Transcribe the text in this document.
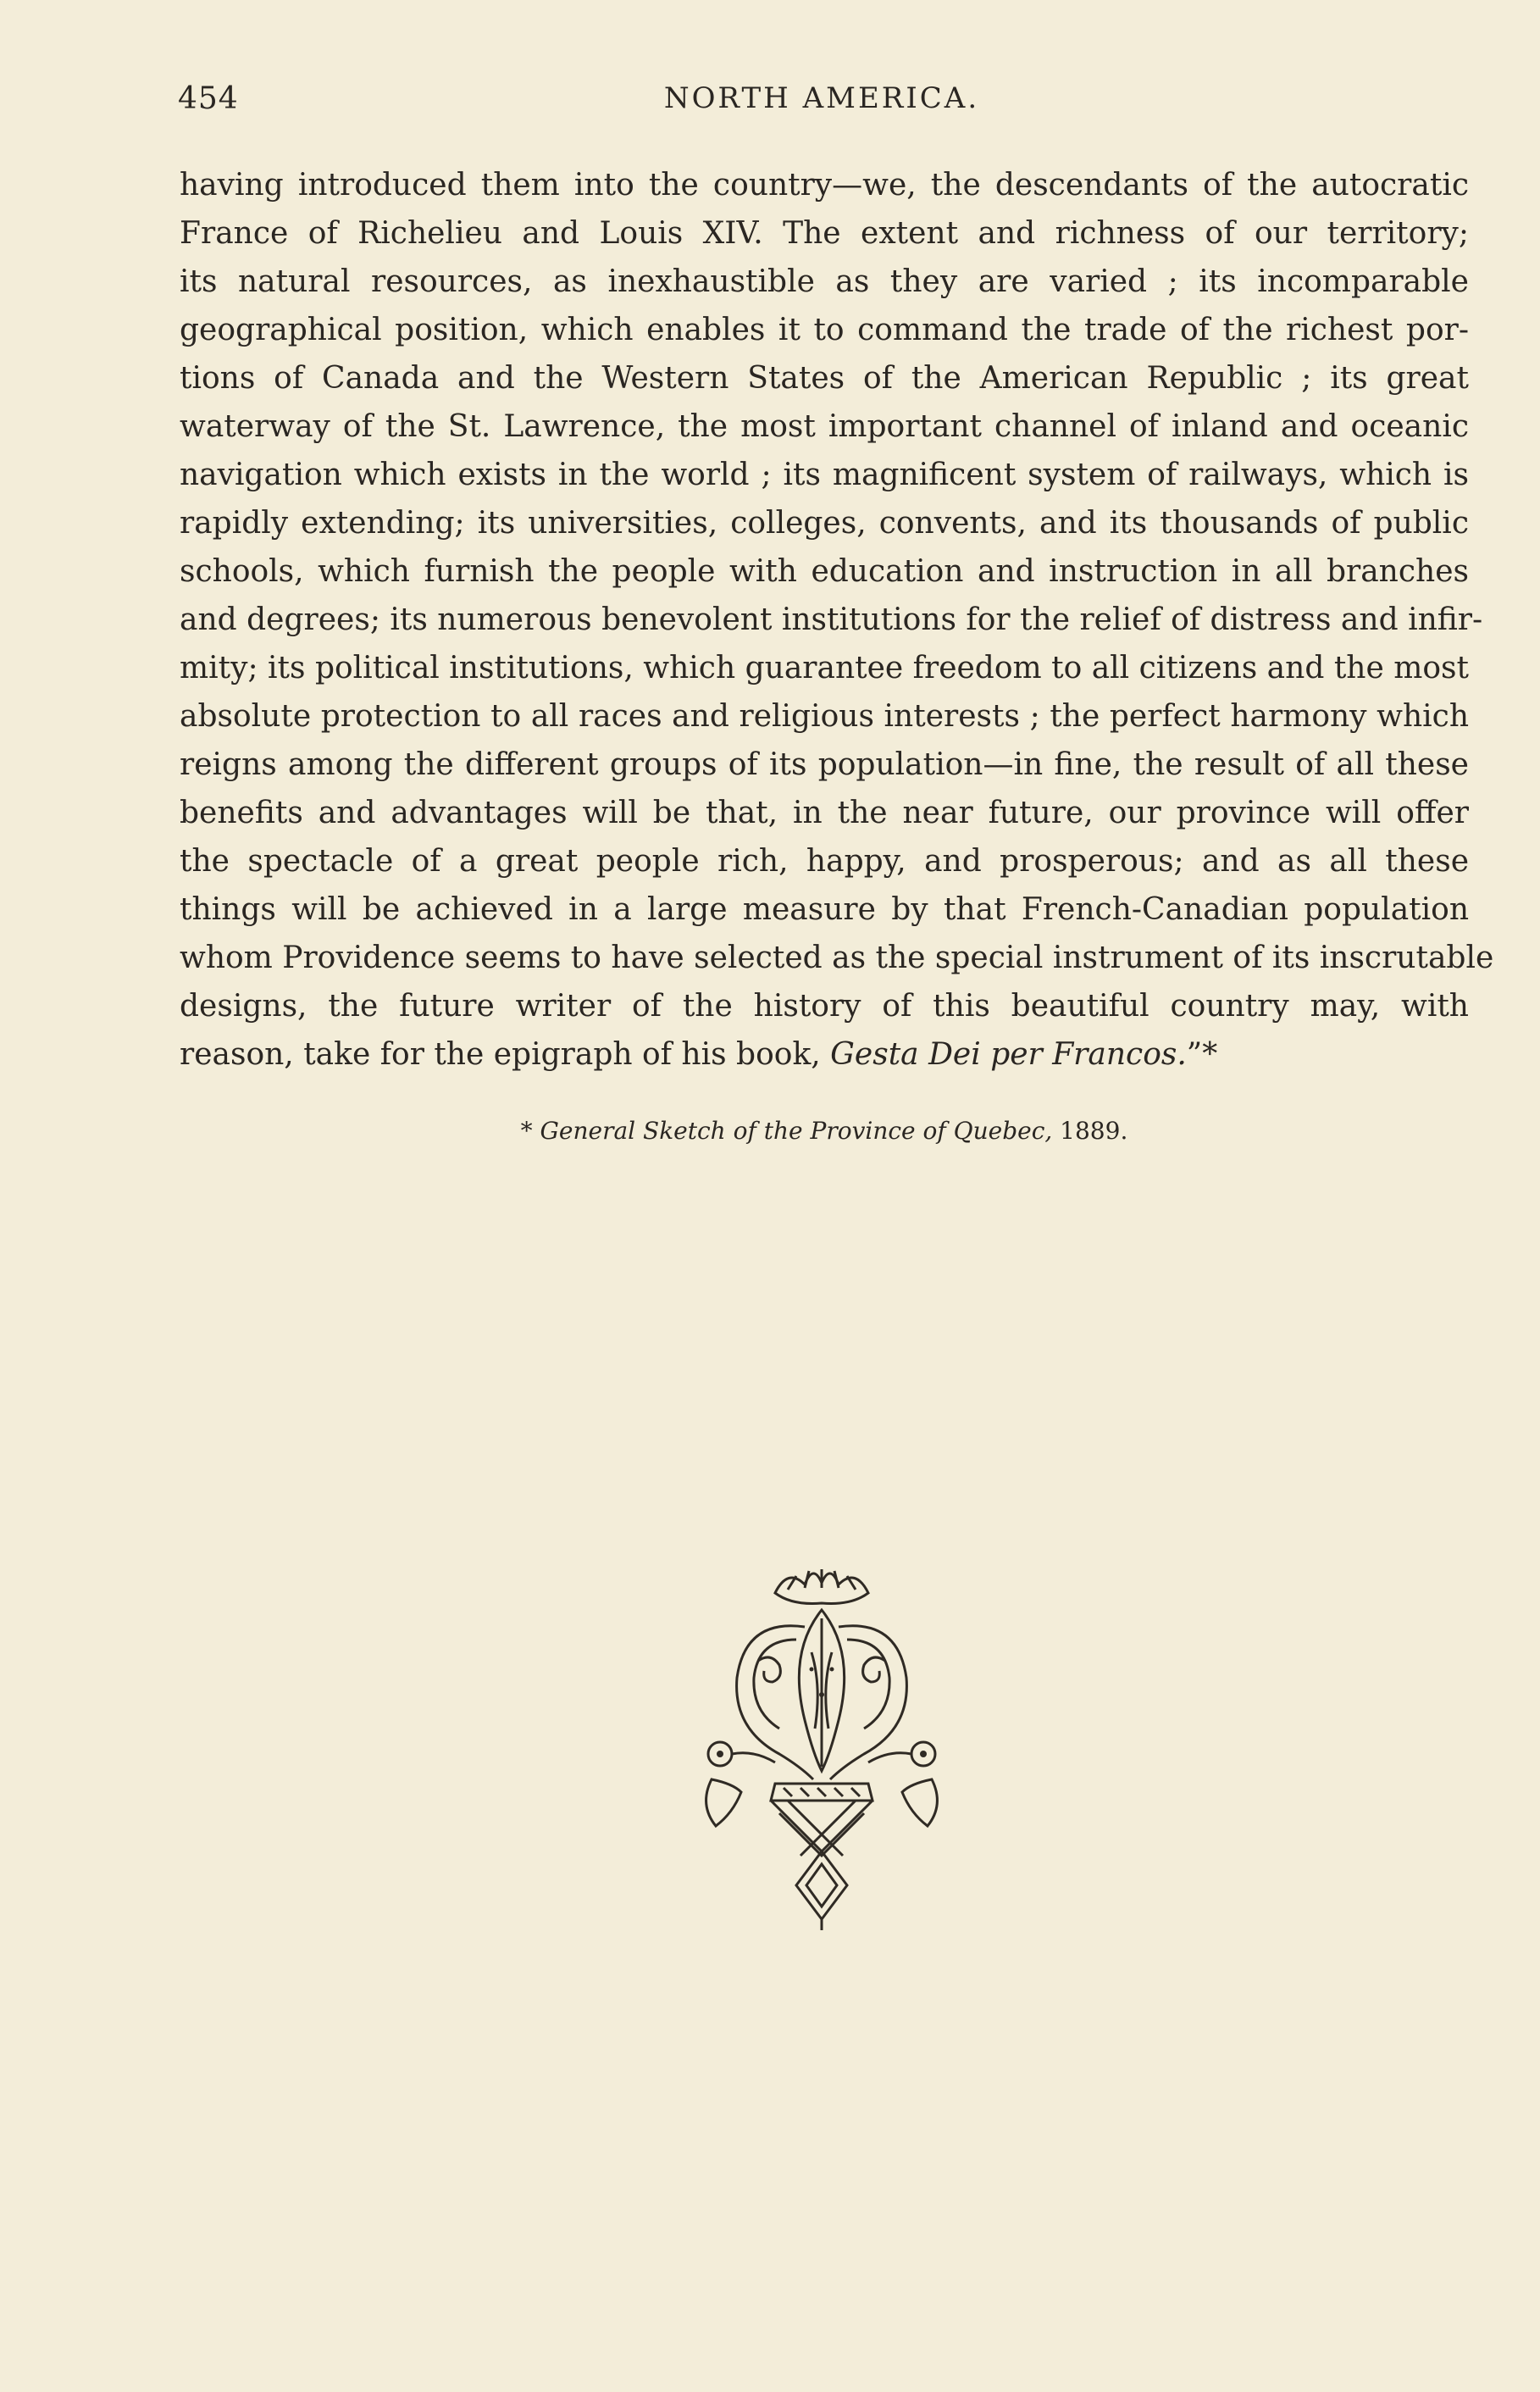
454	NORTH AMERICA.
having introduced them into the country—we, the descendants of the autocratic
France of Richelieu and Louis XIV. The extent and richness of our territory;
its natural resources, as inexhaustible as they are varied ; its incomparable
geographical position, which enables it to command the trade of the richest por-
tions of Canada and the Western States of the American Republic ; its great
waterway of the St. Lawrence, the most important channel of inland and oceanic
navigation which exists in the world ; its magnificent system of railways, which is
rapidly extending; its universities, colleges, convents, and its thousands of public
schools, which furnish the people with education and instruction in all branches
and degrees; its numerous benevolent institutions for the relief of distress and infir-
mity; its political institutions, which guarantee freedom to all citizens and the most
absolute protection to all races and religious interests ; the perfect harmony which
reigns among the different groups of its population—in fine, the result of all these
benefits and advantages will be that, in the near future, our province will offer
the spectacle of a great people rich, happy, and prosperous; and as all these
things will be achieved in a large measure by that French-Canadian population
whom Providence seems to have selected as the special instrument of its inscrutable
designs, the future writer of the history of this beautiful country may, with
reason, take for the epigraph of his book, Gesta Dei per Francos.”*
* General Sketch of the Province of Quebec, 1889.
